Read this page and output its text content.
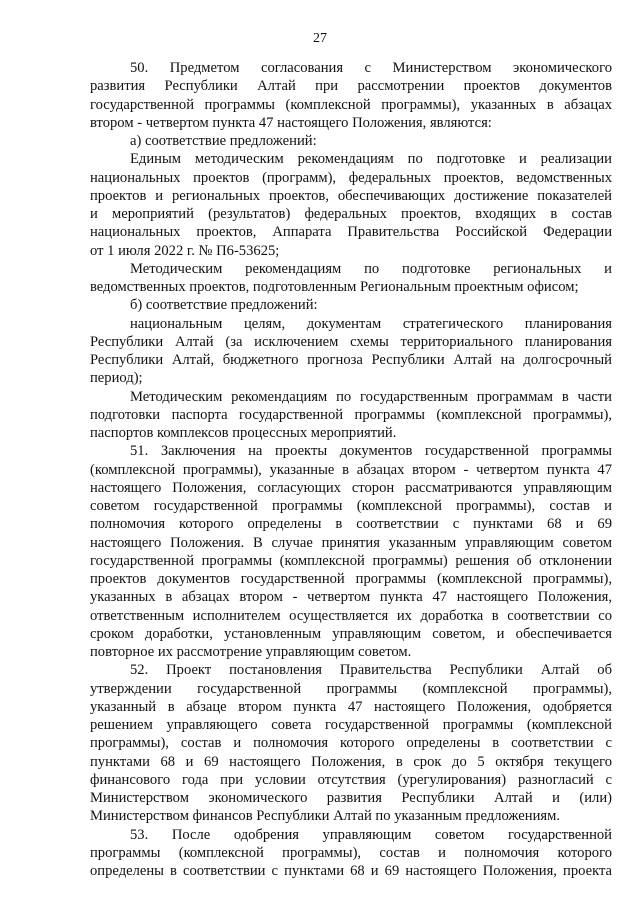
27
50. Предметом согласования с Министерством экономического
развития Республики Алтай при рассмотрении проектов документов
государственной программы (комплексной программы), указанных в абзацах
втором - четвертом пункта 47 настоящего Положения, являются:
а) соответствие предложений:
Единым методическим рекомендациям по подготовке и реализации
национальных проектов (программ), федеральных проектов, ведомственных
проектов и региональных проектов, обеспечивающих достижение показателей
и мероприятий (результатов) федеральных проектов, входящих в состав
национальных проектов, Аппарата Правительства Российской Федерации
от 1 июля 2022 г. № П6-53625;
Методическим рекомендациям по подготовке региональных и
ведомственных проектов, подготовленным Региональным проектным офисом;
б) соответствие предложений:
национальным целям, документам стратегического планирования
Республики Алтай (за исключением схемы территориального планирования
Республики Алтай, бюджетного прогноза Республики Алтай на долгосрочный
период);
Методическим рекомендациям по государственным программам в части
подготовки паспорта государственной программы (комплексной программы),
паспортов комплексов процессных мероприятий.
51. Заключения на проекты документов государственной программы
(комплексной программы), указанные в абзацах втором - четвертом пункта 47
настоящего Положения, согласующих сторон рассматриваются управляющим
советом государственной программы (комплексной программы), состав и
полномочия которого определены в соответствии с пунктами 68 и 69
настоящего Положения. В случае принятия указанным управляющим советом
государственной программы (комплексной программы) решения об отклонении
проектов документов государственной программы (комплексной программы),
указанных в абзацах втором - четвертом пункта 47 настоящего Положения,
ответственным исполнителем осуществляется их доработка в соответствии со
сроком доработки, установленным управляющим советом, и обеспечивается
повторное их рассмотрение управляющим советом.
52. Проект постановления Правительства Республики Алтай об
утверждении государственной программы (комплексной программы),
указанный в абзаце втором пункта 47 настоящего Положения, одобряется
решением управляющего совета государственной программы (комплексной
программы), состав и полномочия которого определены в соответствии с
пунктами 68 и 69 настоящего Положения, в срок до 5 октября текущего
финансового года при условии отсутствия (урегулирования) разногласий с
Министерством экономического развития Республики Алтай и (или)
Министерством финансов Республики Алтай по указанным предложениям.
53. После одобрения управляющим советом государственной
программы (комплексной программы), состав и полномочия которого
определены в соответствии с пунктами 68 и 69 настоящего Положения, проекта
